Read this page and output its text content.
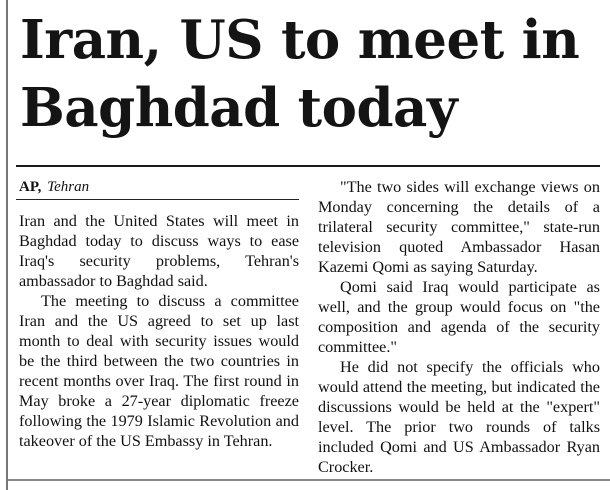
Iran, US to meet in
Baghdad today
AP, Tehran

Iran and the United States will meet in Baghdad today to discuss ways to ease Iraq's security problems, Tehran's ambassador to Baghdad said.

The meeting to discuss a committee Iran and the US agreed to set up last month to deal with security issues would be the third between the two countries in recent months over Iraq. The first round in May broke a 27-year diplomatic freeze following the 1979 Islamic Revolution and takeover of the US Embassy in Tehran.

"The two sides will exchange views on Monday concerning the details of a trilateral security committee," state-run television quoted Ambassador Hasan Kazemi Qomi as saying Saturday.

Qomi said Iraq would participate as well, and the group would focus on "the composition and agenda of the security committee."

He did not specify the officials who would attend the meeting, but indicated the discussions would be held at the "expert" level. The prior two rounds of talks included Qomi and US Ambassador Ryan Crocker.
